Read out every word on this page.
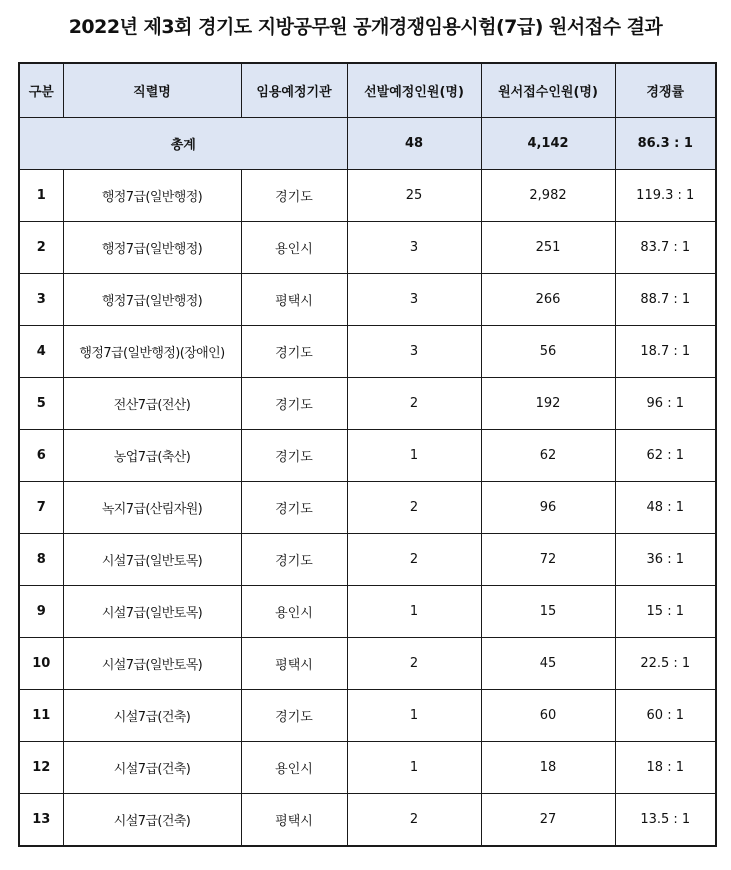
2022년 제3회 경기도 지방공무원 공개경쟁임용시험(7급) 원서접수 결과
구분	직렬명	임용예정기관	선발예정인원(명)	원서접수인원(명)	경쟁률
총계			48	4,142	86.3 : 1
1	행정7급(일반행정)	경기도	25	2,982	119.3 : 1
2	행정7급(일반행정)	용인시	3	251	83.7 : 1
3	행정7급(일반행정)	평택시	3	266	88.7 : 1
4	행정7급(일반행정)(장애인)	경기도	3	56	18.7 : 1
5	전산7급(전산)	경기도	2	192	96 : 1
6	농업7급(축산)	경기도	1	62	62 : 1
7	녹지7급(산림자원)	경기도	2	96	48 : 1
8	시설7급(일반토목)	경기도	2	72	36 : 1
9	시설7급(일반토목)	용인시	1	15	15 : 1
10	시설7급(일반토목)	평택시	2	45	22.5 : 1
11	시설7급(건축)	경기도	1	60	60 : 1
12	시설7급(건축)	용인시	1	18	18 : 1
13	시설7급(건축)	평택시	2	27	13.5 : 1
